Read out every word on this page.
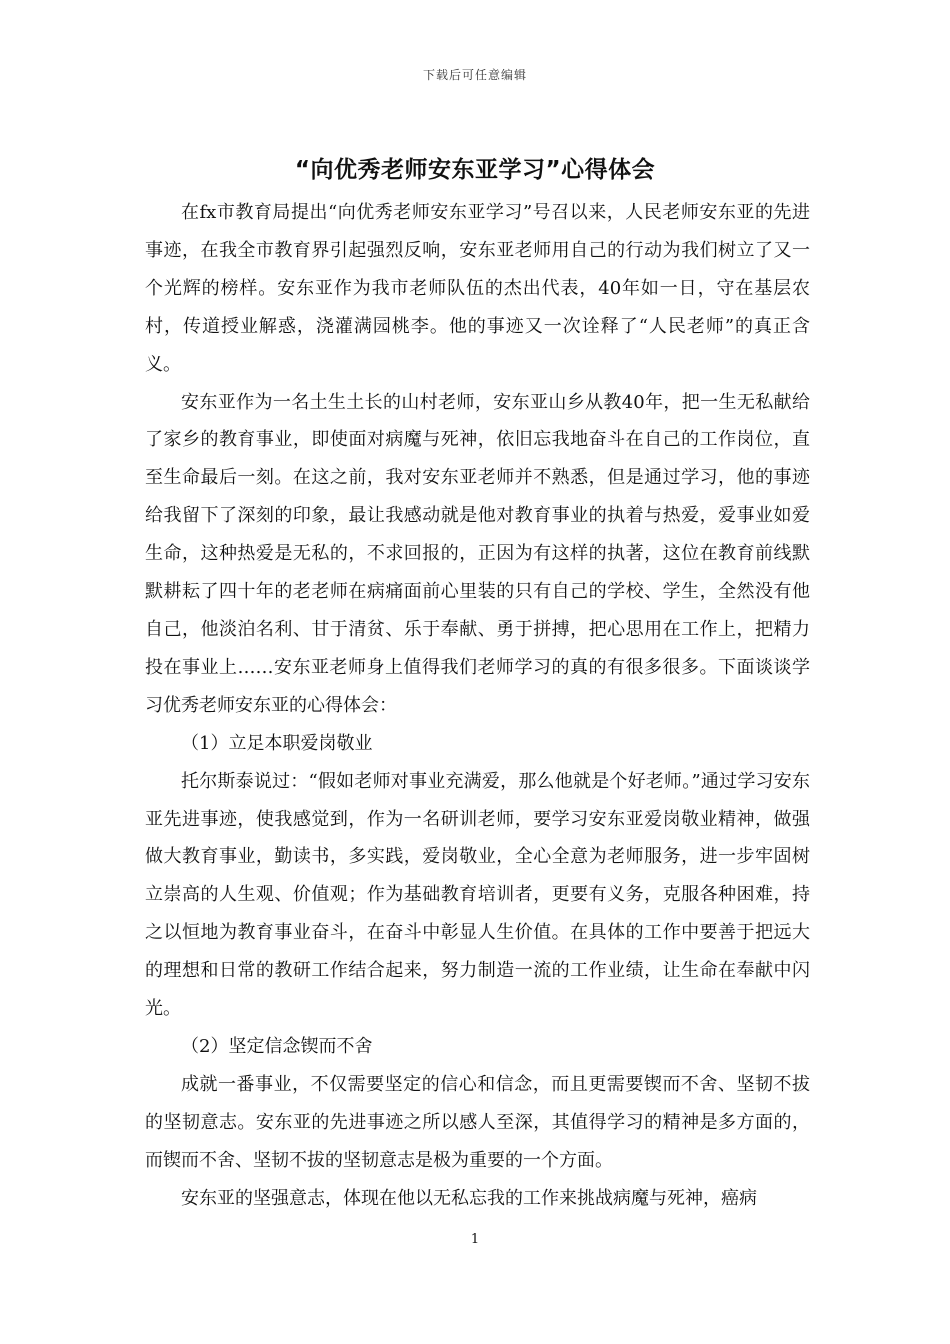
下载后可任意编辑
“向优秀老师安东亚学习”心得体会

在fx市教育局提出“向优秀老师安东亚学习”号召以来，人民老师安东亚的先进事迹，在我全市教育界引起强烈反响，安东亚老师用自己的行动为我们树立了又一个光辉的榜样。安东亚作为我市老师队伍的杰出代表，40年如一日，守在基层农村，传道授业解惑，浇灌满园桃李。他的事迹又一次诠释了“人民老师”的真正含义。

安东亚作为一名土生土长的山村老师，安东亚山乡从教40年，把一生无私献给了家乡的教育事业，即使面对病魔与死神，依旧忘我地奋斗在自己的工作岗位，直至生命最后一刻。在这之前，我对安东亚老师并不熟悉，但是通过学习，他的事迹给我留下了深刻的印象，最让我感动就是他对教育事业的执着与热爱，爱事业如爱生命，这种热爱是无私的，不求回报的，正因为有这样的执著，这位在教育前线默默耕耘了四十年的老老师在病痛面前心里装的只有自己的学校、学生，全然没有他自己，他淡泊名利、甘于清贫、乐于奉献、勇于拼搏，把心思用在工作上，把精力投在事业上……安东亚老师身上值得我们老师学习的真的有很多很多。下面谈谈学习优秀老师安东亚的心得体会：

（1）立足本职爱岗敬业

托尔斯泰说过：“假如老师对事业充满爱，那么他就是个好老师。”通过学习安东亚先进事迹，使我感觉到，作为一名研训老师，要学习安东亚爱岗敬业精神，做强做大教育事业，勤读书，多实践，爱岗敬业，全心全意为老师服务，进一步牢固树立崇高的人生观、价值观；作为基础教育培训者，更要有义务，克服各种困难，持之以恒地为教育事业奋斗，在奋斗中彰显人生价值。在具体的工作中要善于把远大的理想和日常的教研工作结合起来，努力制造一流的工作业绩，让生命在奉献中闪光。

（2）坚定信念锲而不舍

成就一番事业，不仅需要坚定的信心和信念，而且更需要锲而不舍、坚韧不拔的坚韧意志。安东亚的先进事迹之所以感人至深，其值得学习的精神是多方面的，而锲而不舍、坚韧不拔的坚韧意志是极为重要的一个方面。

安东亚的坚强意志，体现在他以无私忘我的工作来挑战病魔与死神，癌病

1
